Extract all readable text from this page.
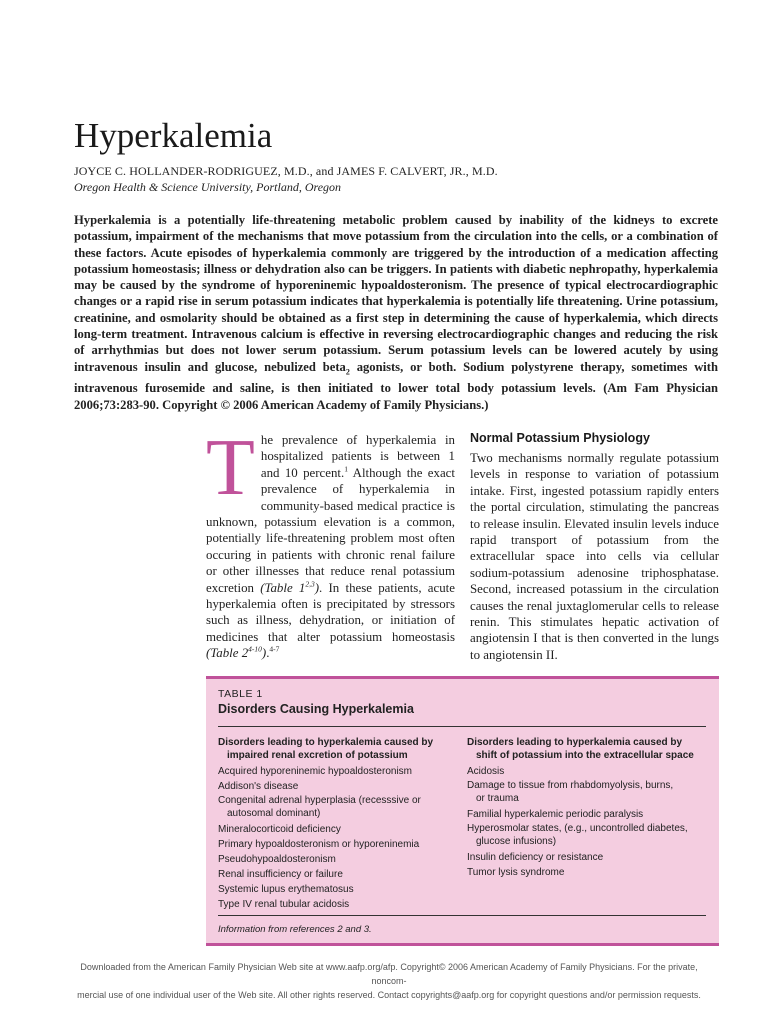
Hyperkalemia
JOYCE C. HOLLANDER-RODRIGUEZ, M.D., and JAMES F. CALVERT, JR., M.D.
Oregon Health & Science University, Portland, Oregon
Hyperkalemia is a potentially life-threatening metabolic problem caused by inability of the kidneys to excrete potassium, impairment of the mechanisms that move potassium from the circulation into the cells, or a combination of these factors. Acute episodes of hyperkalemia commonly are triggered by the introduction of a medication affecting potassium homeostasis; illness or dehydration also can be triggers. In patients with diabetic nephropathy, hyperkalemia may be caused by the syndrome of hyporeninemic hypoaldosteronism. The presence of typical electrocardiographic changes or a rapid rise in serum potassium indicates that hyperkalemia is potentially life threatening. Urine potassium, creatinine, and osmolarity should be obtained as a first step in determining the cause of hyperkalemia, which directs long-term treatment. Intravenous calcium is effective in reversing electrocardiographic changes and reducing the risk of arrhythmias but does not lower serum potassium. Serum potassium levels can be lowered acutely by using intravenous insulin and glucose, nebulized beta$_2$ agonists, or both. Sodium polystyrene therapy, sometimes with intravenous furosemide and saline, is then initiated to lower total body potassium levels. (Am Fam Physician 2006;73:283-90. Copyright © 2006 American Academy of Family Physicians.)
The prevalence of hyperkalemia in hospitalized patients is between 1 and 10 percent.$^1$ Although the exact prevalence of hyperkalemia in community-based medical practice is unknown, potassium elevation is a common, potentially life-threatening problem most often occuring in patients with chronic renal failure or other illnesses that reduce renal potassium excretion (Table 1$^{2,3}$). In these patients, acute hyperkalemia often is precipitated by stressors such as illness, dehydration, or initiation of medicines that alter potassium homeostasis (Table 2$^{4-10}$).$^{4-7}$
Normal Potassium Physiology

Two mechanisms normally regulate potassium levels in response to variation of potassium intake. First, ingested potassium rapidly enters the portal circulation, stimulating the pancreas to release insulin. Elevated insulin levels induce rapid transport of potassium from the extracellular space into cells via cellular sodium-potassium adenosine triphosphatase. Second, increased potassium in the circulation causes the renal juxtaglomerular cells to release renin. This stimulates hepatic activation of angiotensin I that is then converted in the lungs to angiotensin II.

TABLE 1
Disorders Causing Hyperkalemia
Disorders leading to hyperkalemia caused by
impaired renal excretion of potassium
Acquired hyporeninemic hypoaldosteronism
Addison's disease
Congenital adrenal hyperplasia (recesssive or
autosomal dominant)
Mineralocorticoid deficiency
Primary hypoaldosteronism or hyporeninemia
Pseudohypoaldosteronism
Renal insufficiency or failure
Systemic lupus erythematosus
Type IV renal tubular acidosis
Disorders leading to hyperkalemia caused by
shift of potassium into the extracellular space
Acidosis
Damage to tissue from rhabdomyolysis, burns,
or trauma
Familial hyperkalemic periodic paralysis
Hyperosmolar states, (e.g., uncontrolled diabetes,
glucose infusions)
Insulin deficiency or resistance
Tumor lysis syndrome
Information from references 2 and 3.
Downloaded from the American Family Physician Web site at www.aafp.org/afp. Copyright© 2006 American Academy of Family Physicians. For the private, noncom-
mercial use of one individual user of the Web site. All other rights reserved. Contact copyrights@aafp.org for copyright questions and/or permission requests.
